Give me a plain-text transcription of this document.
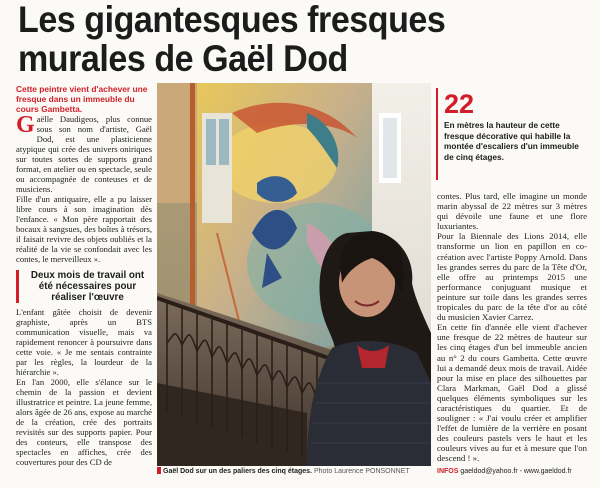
Les gigantesques fresques
murales de Gaël Dod

Cette peintre vient d'achever une fresque dans un immeuble du cours Gambetta.

Gaëlle Daudigeos, plus connue sous son nom d'artiste, Gaël Dod, est une plasticienne atypique qui crée des univers oniriques sur toutes sortes de supports grand format, en atelier ou en spectacle, seule ou accompagnée de conteuses et de musiciens.

Fille d'un antiquaire, elle a pu laisser libre cours à son imagination dès l'enfance. « Mon père rapportait des bocaux à sangsues, des boîtes à trésors, il faisait revivre des objets oubliés et la réalité de la vie se confondait avec les contes, le merveilleux ».

Deux mois de travail ont été nécessaires pour réaliser l'œuvre

L'enfant gâtée choisit de devenir graphiste, après un BTS communication visuelle, mais va rapidement renoncer à poursuivre dans cette voie. « Je me sentais contrainte par les règles, la lourdeur de la hiérarchie ».

En l'an 2000, elle s'élance sur le chemin de la passion et devient illustratrice et peintre. La jeune femme, alors âgée de 26 ans, expose au marché de la création, crée des portraits revisités sur des supports papier. Pour des conteurs, elle transpose des spectacles en affiches, crée des couvertures pour des CD de

Gaël Dod sur un des paliers des cinq étages. Photo Laurence PONSONNET
22
En mètres la hauteur de cette fresque décorative qui habille la montée d'escaliers d'un immeuble de cinq étages.

contes. Plus tard, elle imagine un monde marin abyssal de 22 mètres sur 3 mètres qui dévoile une faune et une flore luxuriantes.

Pour la Biennale des Lions 2014, elle transforme un lion en papillon en co-création avec l'artiste Poppy Arnold. Dans les grandes serres du parc de la Tête d'Or, elle offre au printemps 2015 une performance conjuguant musique et peinture sur toile dans les grandes serres tropicales du parc de la tête d'or au côté du musicien Xavier Carrez.

En cette fin d'année elle vient d'achever une fresque de 22 mètres de hauteur sur les cinq étages d'un bel immeuble ancien au n° 2 du cours Gambetta. Cette œuvre lui a demandé deux mois de travail. Aidée pour la mise en place des silhouettes par Clara Markman, Gaël Dod a glissé quelques éléments symboliques sur les caractéristiques du quartier. Et de souligner : « J'ai voulu créer et amplifier l'effet de lumière de la verrière en posant des couleurs pastels vers le haut et les couleurs vives au fur et à mesure que l'on descend ! ».

INFOS gaeldod@yahoo.fr - www.gaeldod.fr
